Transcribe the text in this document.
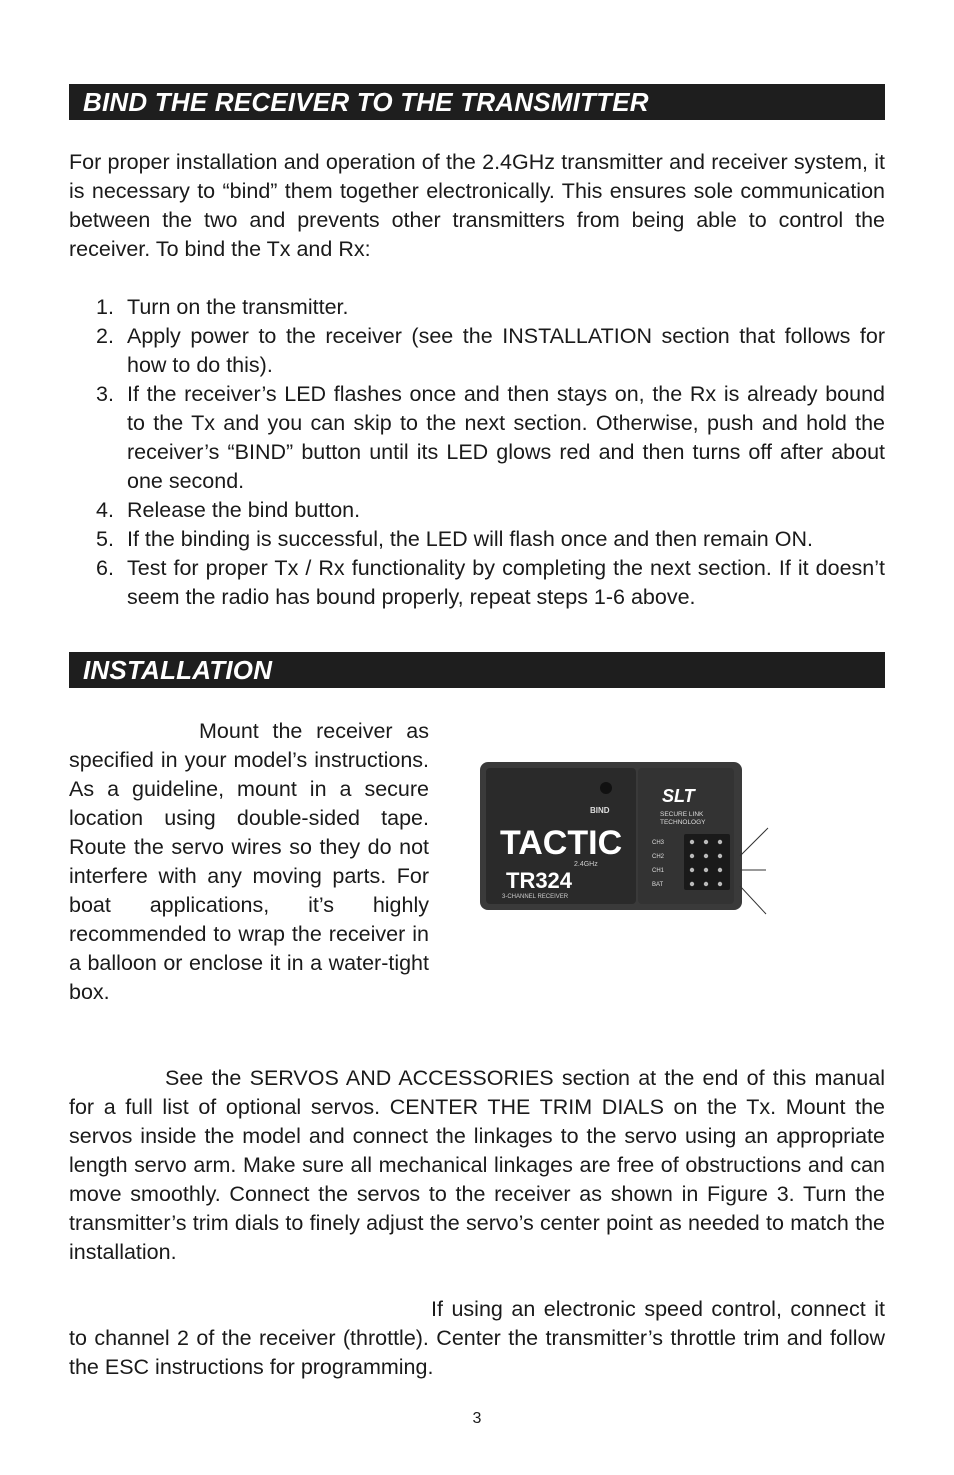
BIND THE RECEIVER TO THE TRANSMITTER
For proper installation and operation of the 2.4GHz transmitter and receiver system, it is necessary to “bind” them together electronically. This ensures sole communication between the two and prevents other transmitters from being able to control the receiver. To bind the Tx and Rx:
1. Turn on the transmitter.
2. Apply power to the receiver (see the INSTALLATION section that follows for how to do this).
3. If the receiver’s LED flashes once and then stays on, the Rx is already bound to the Tx and you can skip to the next section. Otherwise, push and hold the receiver’s “BIND” button until its LED glows red and then turns off after about one second.
4. Release the bind button.
5. If the binding is successful, the LED will flash once and then remain ON.
6. Test for proper Tx / Rx functionality by completing the next section. If it doesn’t seem the radio has bound properly, repeat steps 1-6 above.
INSTALLATION
Mount the receiver as specified in your model’s instructions. As a guideline, mount in a secure location using double-sided tape. Route the servo wires so they do not interfere with any moving parts. For boat applications, it’s highly recommended to wrap the receiver in a balloon or enclose it in a water-tight box.
BIND
TACTIC
2.4GHz
TR324
3-CHANNEL RECEIVER
SLT
SECURE LINK
TECHNOLOGY
CH3
CH2
CH1
BAT
See the SERVOS AND ACCESSORIES section at the end of this manual for a full list of optional servos. CENTER THE TRIM DIALS on the Tx. Mount the servos inside the model and connect the linkages to the servo using an appropriate length servo arm. Make sure all mechanical linkages are free of obstructions and can move smoothly. Connect the servos to the receiver as shown in Figure 3. Turn the transmitter’s trim dials to finely adjust the servo’s center point as needed to match the installation.
If using an electronic speed control, connect it to channel 2 of the receiver (throttle). Center the transmitter’s throttle trim and follow the ESC instructions for programming.
3
